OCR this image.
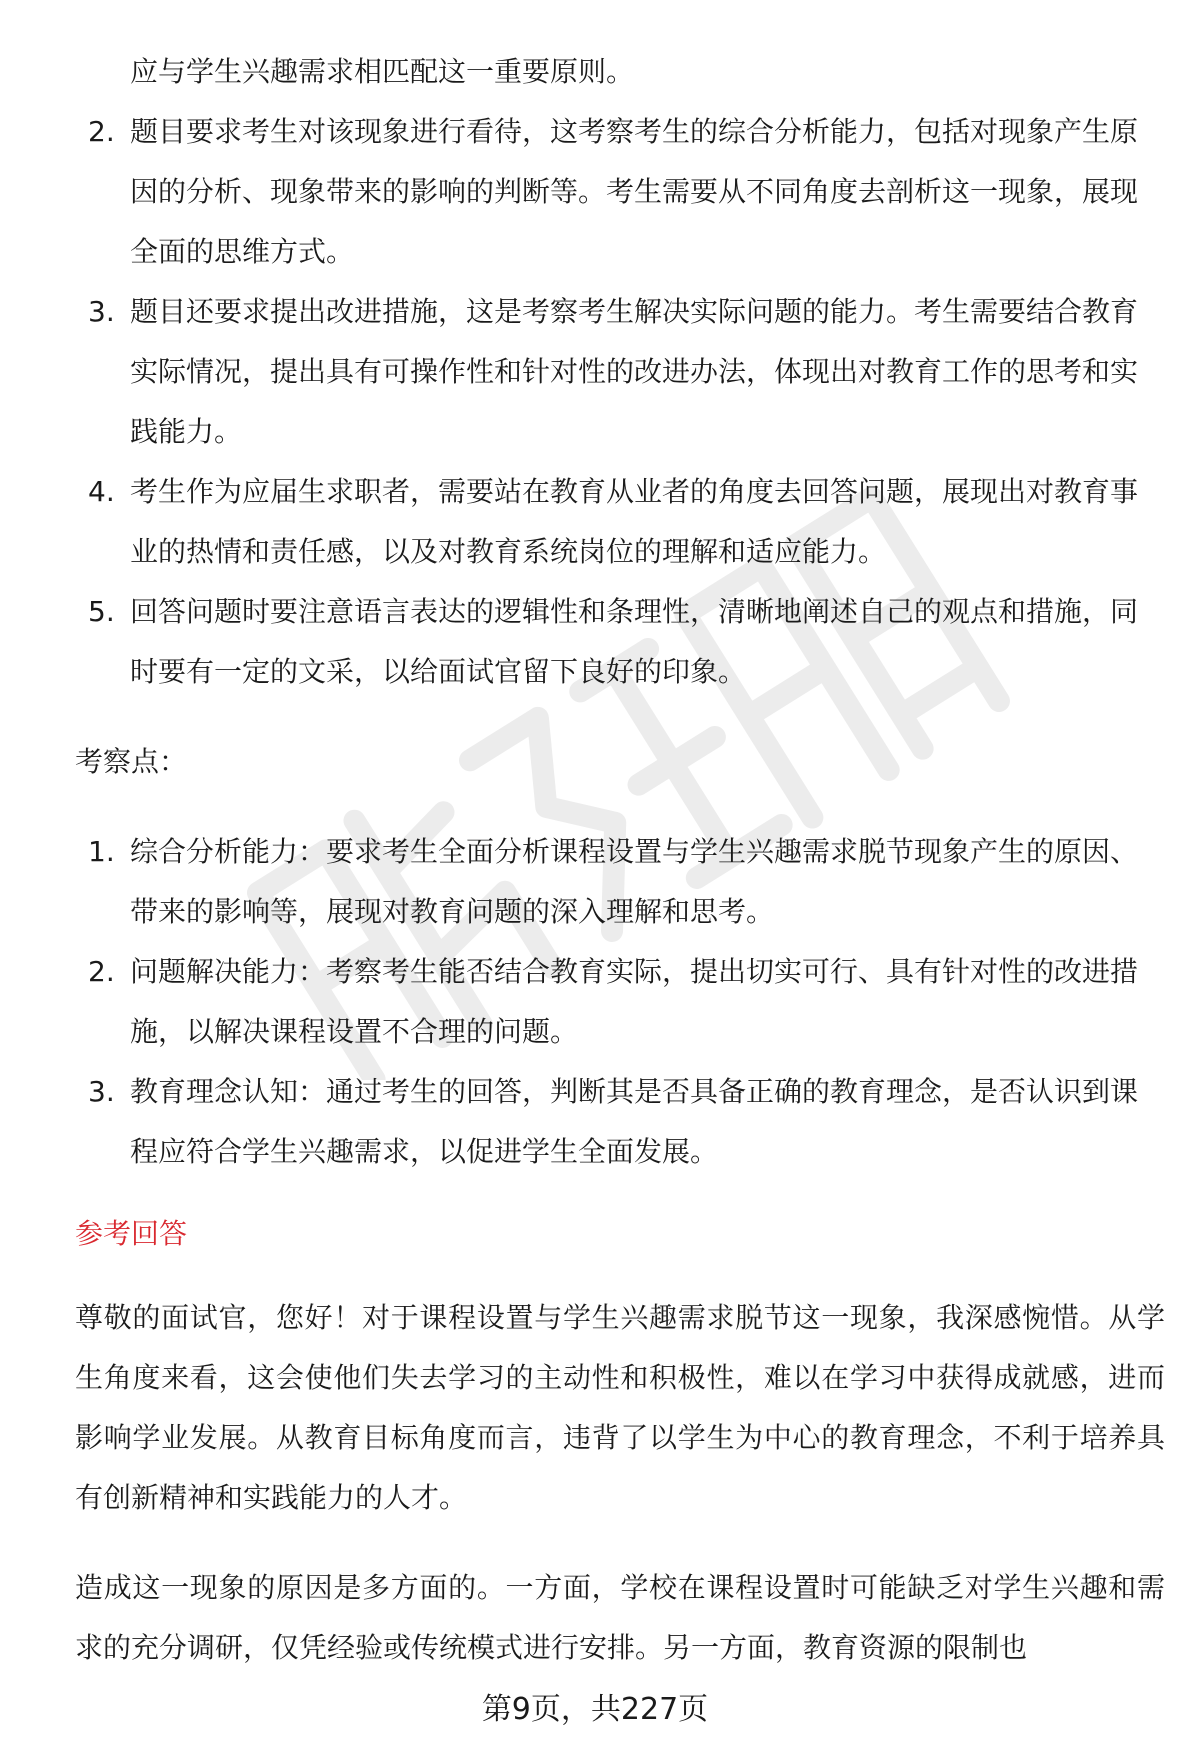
应与学生兴趣需求相匹配这一重要原则。
2. 题目要求考生对该现象进行看待，这考察考生的综合分析能力，包括对现象产生原因的分析、现象带来的影响的判断等。考生需要从不同角度去剖析这一现象，展现全面的思维方式。
3. 题目还要求提出改进措施，这是考察考生解决实际问题的能力。考生需要结合教育实际情况，提出具有可操作性和针对性的改进办法，体现出对教育工作的思考和实践能力。
4. 考生作为应届生求职者，需要站在教育从业者的角度去回答问题，展现出对教育事业的热情和责任感，以及对教育系统岗位的理解和适应能力。
5. 回答问题时要注意语言表达的逻辑性和条理性，清晰地阐述自己的观点和措施，同时要有一定的文采，以给面试官留下良好的印象。
考察点：
1. 综合分析能力：要求考生全面分析课程设置与学生兴趣需求脱节现象产生的原因、带来的影响等，展现对教育问题的深入理解和思考。
2. 问题解决能力：考察考生能否结合教育实际，提出切实可行、具有针对性的改进措施，以解决课程设置不合理的问题。
3. 教育理念认知：通过考生的回答，判断其是否具备正确的教育理念，是否认识到课程应符合学生兴趣需求，以促进学生全面发展。
参考回答

尊敬的面试官，您好！对于课程设置与学生兴趣需求脱节这一现象，我深感惋惜。从学生角度来看，这会使他们失去学习的主动性和积极性，难以在学习中获得成就感，进而影响学业发展。从教育目标角度而言，违背了以学生为中心的教育理念，不利于培养具有创新精神和实践能力的人才。

造成这一现象的原因是多方面的。一方面，学校在课程设置时可能缺乏对学生兴趣和需求的充分调研，仅凭经验或传统模式进行安排。另一方面，教育资源的限制也

第9页，共227页
